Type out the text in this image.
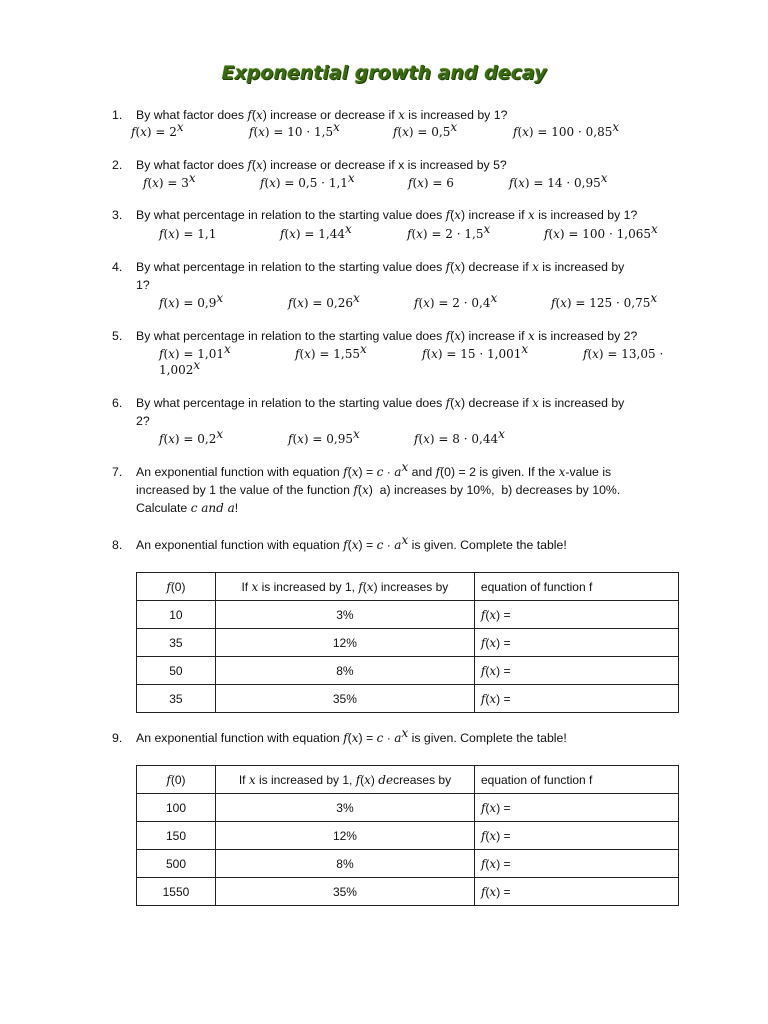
Exponential growth and decay
1. By what factor does f(x) increase or decrease if x is increased by 1?
$f(x) = 2^x$	$f(x) = 10 \cdot 1,5^x$	$f(x) = 0,5^x$	$f(x) = 100 \cdot 0,85^x$
2. By what factor does f(x) increase or decrease if x is increased by 5?
$f(x) = 3^x$	$f(x) = 0,5 \cdot 1,1^x$	f(x) = 6	$f(x) = 14 \cdot 0,95^x$
3. By what percentage in relation to the starting value does f(x) increase if x is increased by 1?
f(x) = 1,1	$f(x) = 1,44^x$	$f(x) = 2 \cdot 1,5^x$	$f(x) = 100 \cdot 1,065^x$
4. By what percentage in relation to the starting value does f(x) decrease if x is increased by
1?
$f(x) = 0,9^x$	$f(x) = 0,26^x$	$f(x) = 2 \cdot 0,4^x$	$f(x) = 125 \cdot 0,75^x$
5. By what percentage in relation to the starting value does f(x) increase if x is increased by 2?
$f(x) = 1,01^x$	$f(x) = 1,55^x$	$f(x) = 15 \cdot 1,001^x$	f(x) = 13,05 ·
$1,002^x$
6. By what percentage in relation to the starting value does f(x) decrease if x is increased by
2?
$f(x) = 0,2^x$	$f(x) = 0,95^x$	$f(x) = 8 \cdot 0,44^x$
7. An exponential function with equation $f(x) = c \cdot a^x$ and f(0) = 2 is given. If the x-value is
increased by 1 the value of the function f(x)  a) increases by 10%,  b) decreases by 10%.
Calculate c and a!
8. An exponential function with equation $f(x) = c \cdot a^x$ is given. Complete the table!
f(0)	If x is increased by 1, f(x) increases by	equation of function f
10	3%	f(x) =
35	12%	f(x) =
50	8%	f(x) =
35	35%	f(x) =
9. An exponential function with equation $f(x) = c \cdot a^x$ is given. Complete the table!
f(0)	If x is increased by 1, f(x) decreases by	equation of function f
100	3%	f(x) =
150	12%	f(x) =
500	8%	f(x) =
1550	35%	f(x) =
